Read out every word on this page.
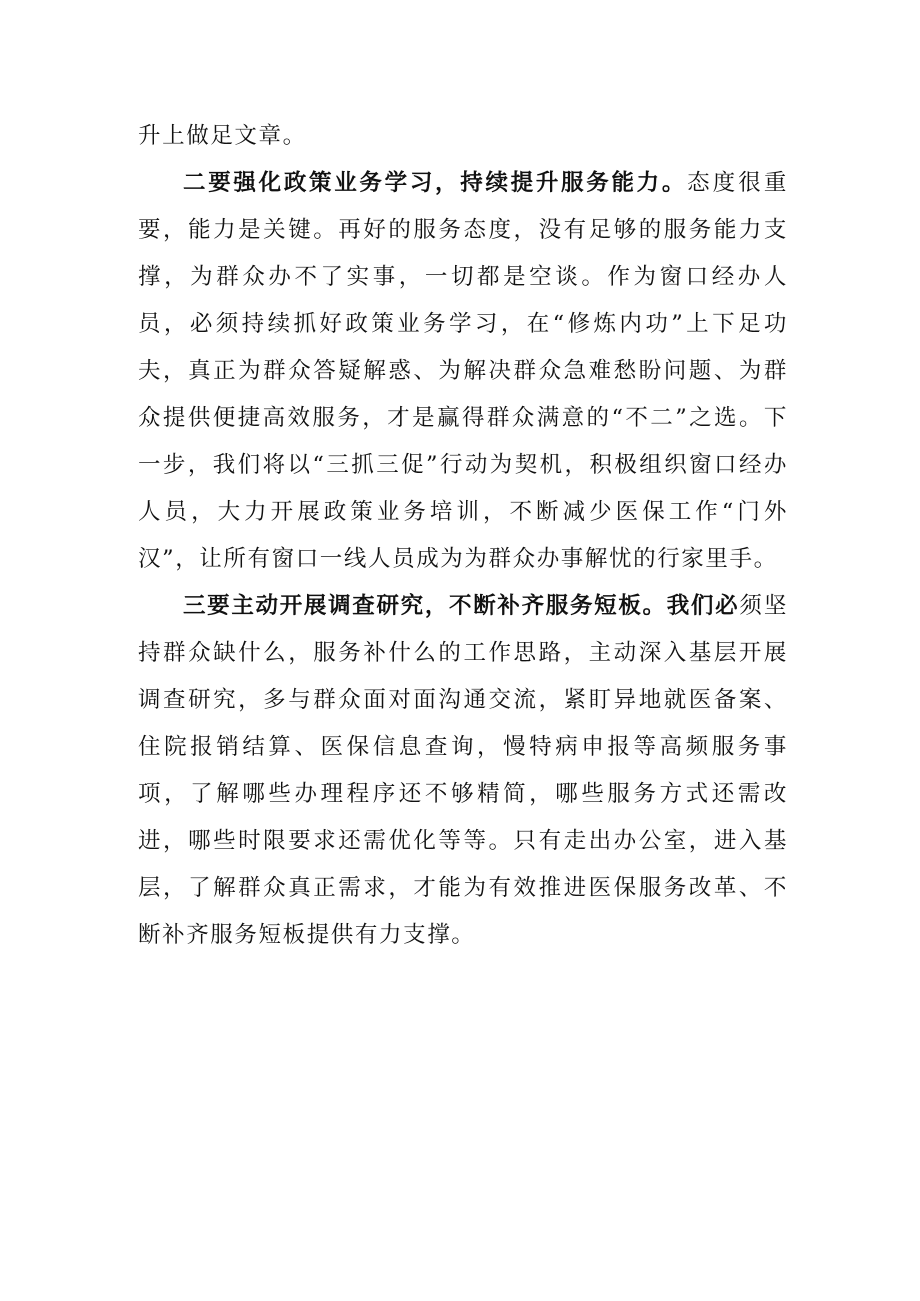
升上做足文章。

二要强化政策业务学习，持续提升服务能力。态度很重要，能力是关键。再好的服务态度，没有足够的服务能力支撑，为群众办不了实事，一切都是空谈。作为窗口经办人员，必须持续抓好政策业务学习，在“修炼内功”上下足功夫，真正为群众答疑解惑、为解决群众急难愁盼问题、为群众提供便捷高效服务，才是赢得群众满意的“不二”之选。下一步，我们将以“三抓三促”行动为契机，积极组织窗口经办人员，大力开展政策业务培训，不断减少医保工作“门外汉”，让所有窗口一线人员成为为群众办事解忧的行家里手。

三要主动开展调查研究，不断补齐服务短板。我们必须坚持群众缺什么，服务补什么的工作思路，主动深入基层开展调查研究，多与群众面对面沟通交流，紧盯异地就医备案、住院报销结算、医保信息查询，慢特病申报等高频服务事项，了解哪些办理程序还不够精简，哪些服务方式还需改进，哪些时限要求还需优化等等。只有走出办公室，进入基层，了解群众真正需求，才能为有效推进医保服务改革、不断补齐服务短板提供有力支撑。
